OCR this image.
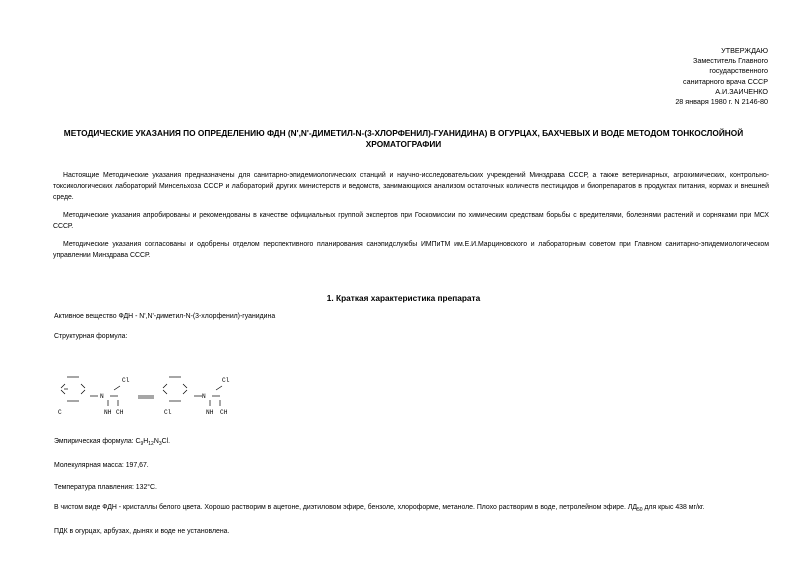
УТВЕРЖДАЮ
Заместитель Главного
государственного
санитарного врача СССР
А.И.ЗАИЧЕНКО
28 января 1980 г. N 2146-80
МЕТОДИЧЕСКИЕ УКАЗАНИЯ ПО ОПРЕДЕЛЕНИЮ ФДН (N',N'-ДИМЕТИЛ-N-(3-ХЛОРФЕНИЛ)-ГУАНИДИНА) В ОГУРЦАХ, БАХЧЕВЫХ И ВОДЕ МЕТОДОМ ТОНКОСЛОЙНОЙ ХРОМАТОГРАФИИ
Настоящие Методические указания предназначены для санитарно-эпидемиологических станций и научно-исследовательских учреждений Минздрава СССР, а также ветеринарных, агрохимических, контрольно-токсикологических лабораторий Минсельхоза СССР и лабораторий других министерств и ведомств, занимающихся анализом остаточных количеств пестицидов и биопрепаратов в продуктах питания, кормах и внешней среде.
Методические указания апробированы и рекомендованы в качестве официальных группой экспертов при Госкомиссии по химическим средствам борьбы с вредителями, болезнями растений и сорняками при МСХ СССР.
Методические указания согласованы и одобрены отделом перспективного планирования санэпидслужбы ИМПиТМ им.Е.И.Марциновского и лабораторным советом при Главном санитарно-эпидемиологическом управлении Минздрава СССР.
1. Краткая характеристика препарата
Активное вещество ФДН - N',N'-диметил-N-(3-хлорфенил)-гуанидина
Структурная формула:
Cl	Cl
N	N
C	NH CH	Cl	NH CH
Эмпирическая формула: $C_9H_{12}N_3Cl$.
Молекулярная масса: 197,67.
Температура плавления: 132°С.
В чистом виде ФДН - кристаллы белого цвета. Хорошо растворим в ацетоне, диэтиловом эфире, бензоле, хлороформе, метаноле. Плохо растворим в воде, петролейном эфире. $ЛД_{50}$ для крыс 438 мг/кг.
ПДК в огурцах, арбузах, дынях и воде не установлена.
